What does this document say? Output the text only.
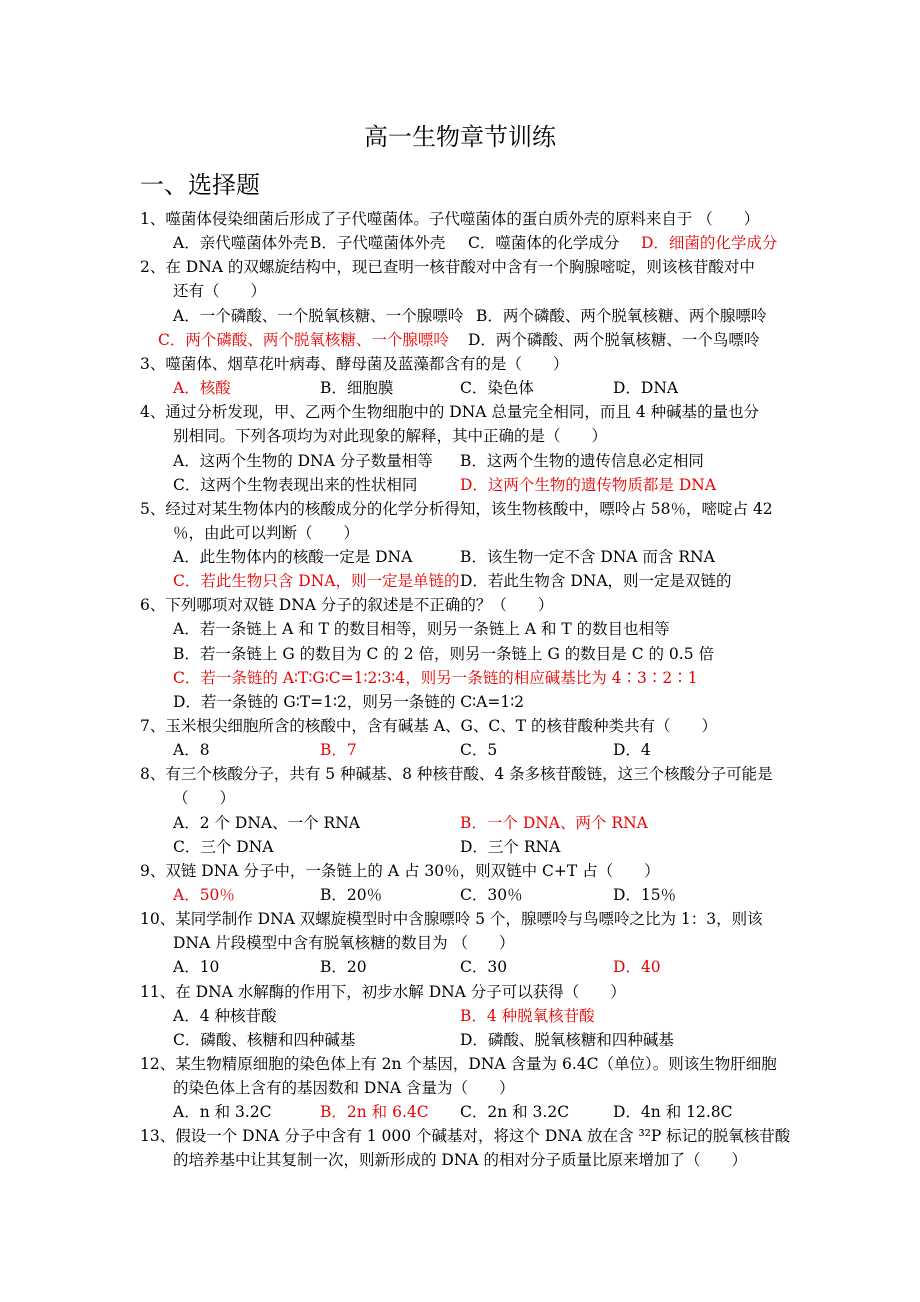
高一生物章节训练
一、选择题
1、噬菌体侵染细菌后形成了子代噬菌体。子代噬菌体的蛋白质外壳的原料来自于 （　　）
A．亲代噬菌体外壳 B．子代噬菌体外壳 C．噬菌体的化学成分 D．细菌的化学成分
2、在 DNA 的双螺旋结构中，现已查明一核苷酸对中含有一个胸腺嘧啶，则该核苷酸对中
还有（　　）
A．一个磷酸、一个脱氧核糖、一个腺嘌呤 B．两个磷酸、两个脱氧核糖、两个腺嘌呤
C．两个磷酸、两个脱氧核糖、一个腺嘌呤 D．两个磷酸、两个脱氧核糖、一个鸟嘌呤
3、噬菌体、烟草花叶病毒、酵母菌及蓝藻都含有的是（　　）
A．核酸	B．细胞膜	C．染色体	D．DNA
4、通过分析发现，甲、乙两个生物细胞中的 DNA 总量完全相同，而且 4 种碱基的量也分
别相同。下列各项均为对此现象的解释，其中正确的是（　　）
A．这两个生物的 DNA 分子数量相等 B．这两个生物的遗传信息必定相同
C．这两个生物表现出来的性状相同	D．这两个生物的遗传物质都是 DNA
5、经过对某生物体内的核酸成分的化学分析得知，该生物核酸中，嘌呤占 58％，嘧啶占 42
％，由此可以判断（　　）
A．此生物体内的核酸一定是 DNA	B．该生物一定不含 DNA 而含 RNA
C．若此生物只含 DNA，则一定是单链的 D．若此生物含 DNA，则一定是双链的
6、下列哪项对双链 DNA 分子的叙述是不正确的？（　　）
A．若一条链上 A 和 T 的数目相等，则另一条链上 A 和 T 的数目也相等
B．若一条链上 G 的数目为 C 的 2 倍，则另一条链上 G 的数目是 C 的 0.5 倍
C．若一条链的 A∶T∶G∶C=1∶2∶3∶4，则另一条链的相应碱基比为 4∶3∶2∶1
D．若一条链的 G∶T=1∶2，则另一条链的 C∶A=1∶2
7、玉米根尖细胞所含的核酸中，含有碱基 A、G、C、T 的核苷酸种类共有（　　）
A．8	B．7	C．5	D．4
8、有三个核酸分子，共有 5 种碱基、8 种核苷酸、4 条多核苷酸链，这三个核酸分子可能是
（　　）
A．2 个 DNA、一个 RNA	B．一个 DNA、两个 RNA
C．三个 DNA	D．三个 RNA
9、双链 DNA 分子中，一条链上的 A 占 30％，则双链中 C+T 占（　　）
A．50％	B．20％	C．30％	D．15％
10、某同学制作 DNA 双螺旋模型时中含腺嘌呤 5 个，腺嘌呤与鸟嘌呤之比为 1：3，则该
DNA 片段模型中含有脱氧核糖的数目为 （　　）
A．10	B．20	C．30	D．40
11、在 DNA 水解酶的作用下，初步水解 DNA 分子可以获得（　　）
A．4 种核苷酸	B．4 种脱氧核苷酸
C．磷酸、核糖和四种碱基	D．磷酸、脱氧核糖和四种碱基
12、某生物精原细胞的染色体上有 2n 个基因，DNA 含量为 6.4C（单位）。则该生物肝细胞
的染色体上含有的基因数和 DNA 含量为（　　）
A．n 和 3.2C	B．2n 和 6.4C C．2n 和 3.2C	D．4n 和 12.8C
13、假设一个 DNA 分子中含有 1 000 个碱基对，将这个 DNA 放在含 ³²P 标记的脱氧核苷酸
的培养基中让其复制一次，则新形成的 DNA 的相对分子质量比原来增加了（　　）
